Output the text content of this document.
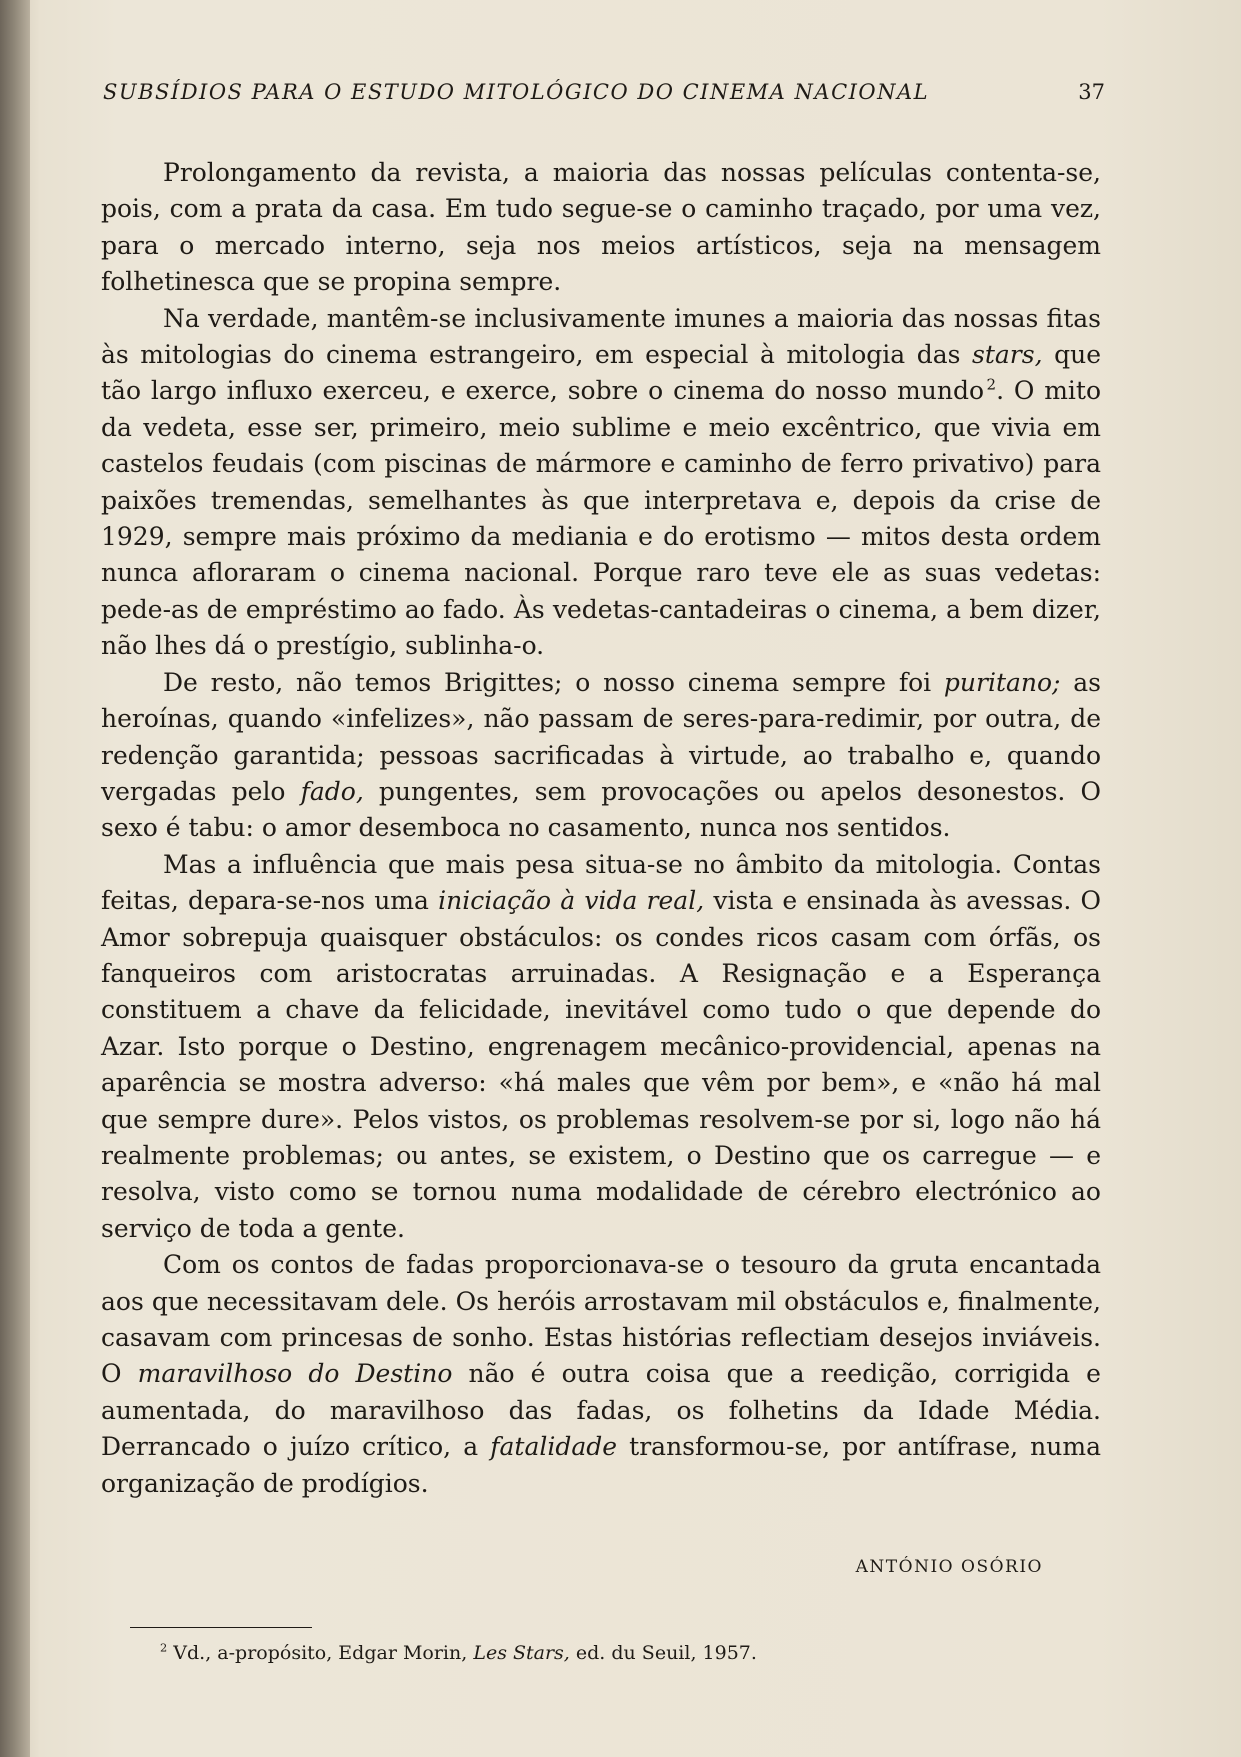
SUBSÍDIOS PARA O ESTUDO MITOLÓGICO DO CINEMA NACIONAL	37

Prolongamento da revista, a maioria das nossas películas contenta-se, pois, com a prata da casa. Em tudo segue-se o caminho traçado, por uma vez, para o mercado interno, seja nos meios artísticos, seja na mensagem folhetinesca que se propina sempre.

Na verdade, mantêm-se inclusivamente imunes a maioria das nossas fitas às mitologias do cinema estrangeiro, em especial à mitologia das stars, que tão largo influxo exerceu, e exerce, sobre o cinema do nosso mundo  $^2$. O mito da vedeta, esse ser, primeiro, meio sublime e meio excêntrico, que vivia em castelos feudais (com piscinas de mármore e caminho de ferro privativo) para paixões tremendas, semelhantes às que interpretava e, depois da crise de 1929, sempre mais próximo da mediania e do erotismo — mitos desta ordem nunca afloraram o cinema nacional. Porque raro teve ele as suas vedetas: pede-as de empréstimo ao fado. Às vedetas-cantadeiras o cinema, a bem dizer, não lhes dá o prestígio, sublinha-o.

De resto, não temos Brigittes; o nosso cinema sempre foi puritano; as heroínas, quando «infelizes», não passam de seres-para-redimir, por outra, de redenção garantida; pessoas sacrificadas à virtude, ao trabalho e, quando vergadas pelo fado, pungentes, sem provocações ou apelos desonestos. O sexo é tabu: o amor desemboca no casamento, nunca nos sentidos.

Mas a influência que mais pesa situa-se no âmbito da mitologia. Contas feitas, depara-se-nos uma iniciação à vida real, vista e ensinada às avessas. O Amor sobrepuja quaisquer obstáculos: os condes ricos casam com órfãs, os fanqueiros com aristocratas arruinadas. A Resignação e a Esperança constituem a chave da felicidade, inevitável como tudo o que depende do Azar. Isto porque o Destino, engrenagem mecânico-providencial, apenas na aparência se mostra adverso: «há males que vêm por bem», e «não há mal que sempre dure». Pelos vistos, os problemas resolvem-se por si, logo não há realmente problemas; ou antes, se existem, o Destino que os carregue — e resolva, visto como se tornou numa modalidade de cérebro electrónico ao serviço de toda a gente.

Com os contos de fadas proporcionava-se o tesouro da gruta encantada aos que necessitavam dele. Os heróis arrostavam mil obstáculos e, finalmente, casavam com princesas de sonho. Estas histórias reflectiam desejos inviáveis. O maravilhoso do Destino não é outra coisa que a reedição, corrigida e aumentada, do maravilhoso das fadas, os folhetins da Idade Média. Derrancado o juízo crítico, a fatalidade transformou-se, por antífrase, numa organização de prodígios.

ANTÓNIO OSÓRIO
$^2$ Vd., a-propósito, Edgar Morin, Les Stars, ed. du Seuil, 1957.
